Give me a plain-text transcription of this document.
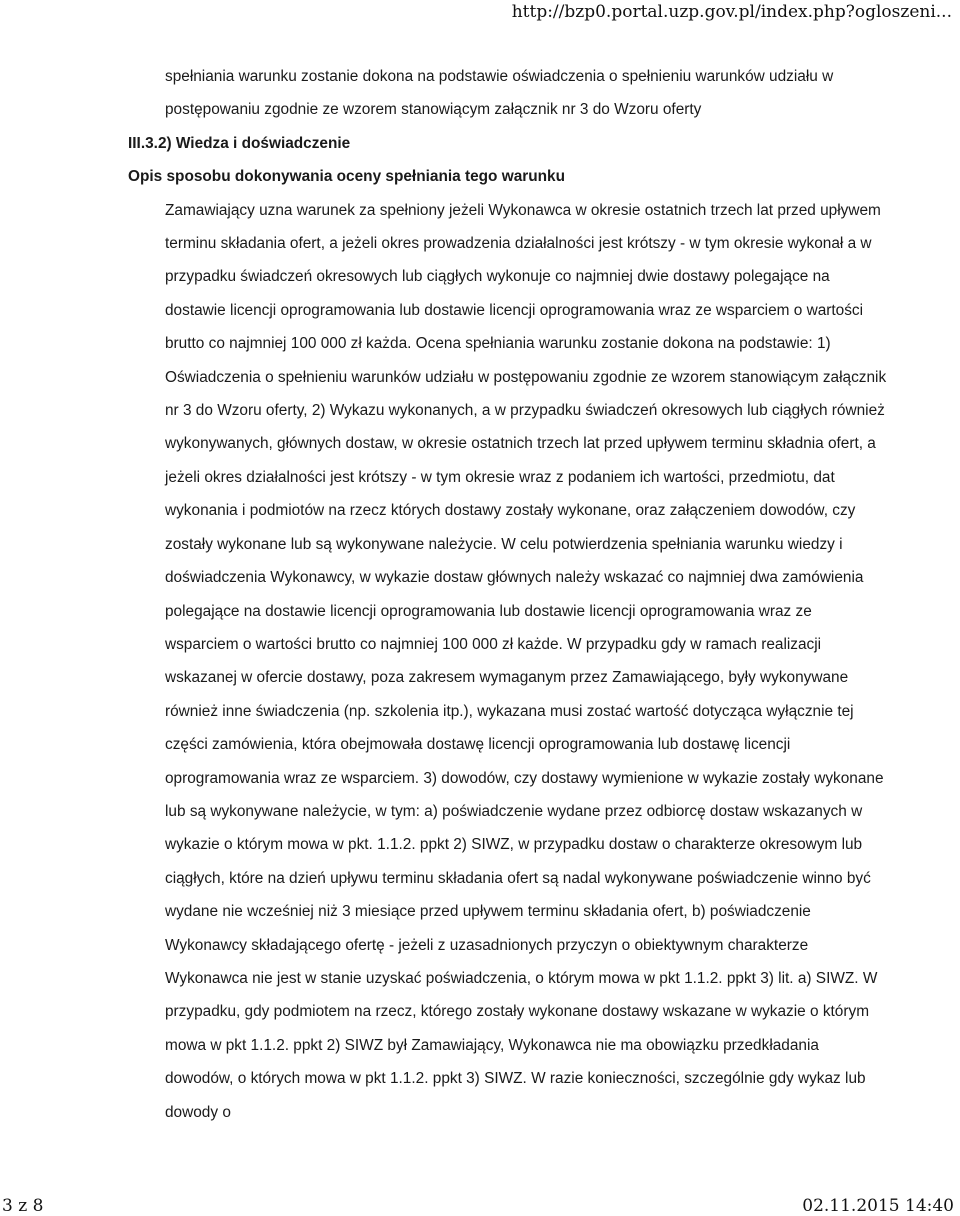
http://bzp0.portal.uzp.gov.pl/index.php?ogloszeni...

spełniania warunku zostanie dokona na podstawie oświadczenia o spełnieniu warunków udziału w postępowaniu zgodnie ze wzorem stanowiącym załącznik nr 3 do Wzoru oferty

III.3.2) Wiedza i doświadczenie

Opis sposobu dokonywania oceny spełniania tego warunku

Zamawiający uzna warunek za spełniony jeżeli Wykonawca w okresie ostatnich trzech lat przed upływem terminu składania ofert, a jeżeli okres prowadzenia działalności jest krótszy - w tym okresie wykonał a w przypadku świadczeń okresowych lub ciągłych wykonuje co najmniej dwie dostawy polegające na dostawie licencji oprogramowania lub dostawie licencji oprogramowania wraz ze wsparciem o wartości brutto co najmniej 100 000 zł każda. Ocena spełniania warunku zostanie dokona na podstawie: 1) Oświadczenia o spełnieniu warunków udziału w postępowaniu zgodnie ze wzorem stanowiącym załącznik nr 3 do Wzoru oferty, 2) Wykazu wykonanych, a w przypadku świadczeń okresowych lub ciągłych również wykonywanych, głównych dostaw, w okresie ostatnich trzech lat przed upływem terminu składnia ofert, a jeżeli okres działalności jest krótszy - w tym okresie wraz z podaniem ich wartości, przedmiotu, dat wykonania i podmiotów na rzecz których dostawy zostały wykonane, oraz załączeniem dowodów, czy zostały wykonane lub są wykonywane należycie. W celu potwierdzenia spełniania warunku wiedzy i doświadczenia Wykonawcy, w wykazie dostaw głównych należy wskazać co najmniej dwa zamówienia polegające na dostawie licencji oprogramowania lub dostawie licencji oprogramowania wraz ze wsparciem o wartości brutto co najmniej 100 000 zł każde. W przypadku gdy w ramach realizacji wskazanej w ofercie dostawy, poza zakresem wymaganym przez Zamawiającego, były wykonywane również inne świadczenia (np. szkolenia itp.), wykazana musi zostać wartość dotycząca wyłącznie tej części zamówienia, która obejmowała dostawę licencji oprogramowania lub dostawę licencji oprogramowania wraz ze wsparciem. 3) dowodów, czy dostawy wymienione w wykazie zostały wykonane lub są wykonywane należycie, w tym: a) poświadczenie wydane przez odbiorcę dostaw wskazanych w wykazie o którym mowa w pkt. 1.1.2. ppkt 2) SIWZ, w przypadku dostaw o charakterze okresowym lub ciągłych, które na dzień upływu terminu składania ofert są nadal wykonywane poświadczenie winno być wydane nie wcześniej niż 3 miesiące przed upływem terminu składania ofert, b) poświadczenie Wykonawcy składającego ofertę - jeżeli z uzasadnionych przyczyn o obiektywnym charakterze Wykonawca nie jest w stanie uzyskać poświadczenia, o którym mowa w pkt 1.1.2. ppkt 3) lit. a) SIWZ. W przypadku, gdy podmiotem na rzecz, którego zostały wykonane dostawy wskazane w wykazie o którym mowa w pkt 1.1.2. ppkt 2) SIWZ był Zamawiający, Wykonawca nie ma obowiązku przedkładania dowodów, o których mowa w pkt 1.1.2. ppkt 3) SIWZ. W razie konieczności, szczególnie gdy wykaz lub dowody o

3 z 8	02.11.2015 14:40
